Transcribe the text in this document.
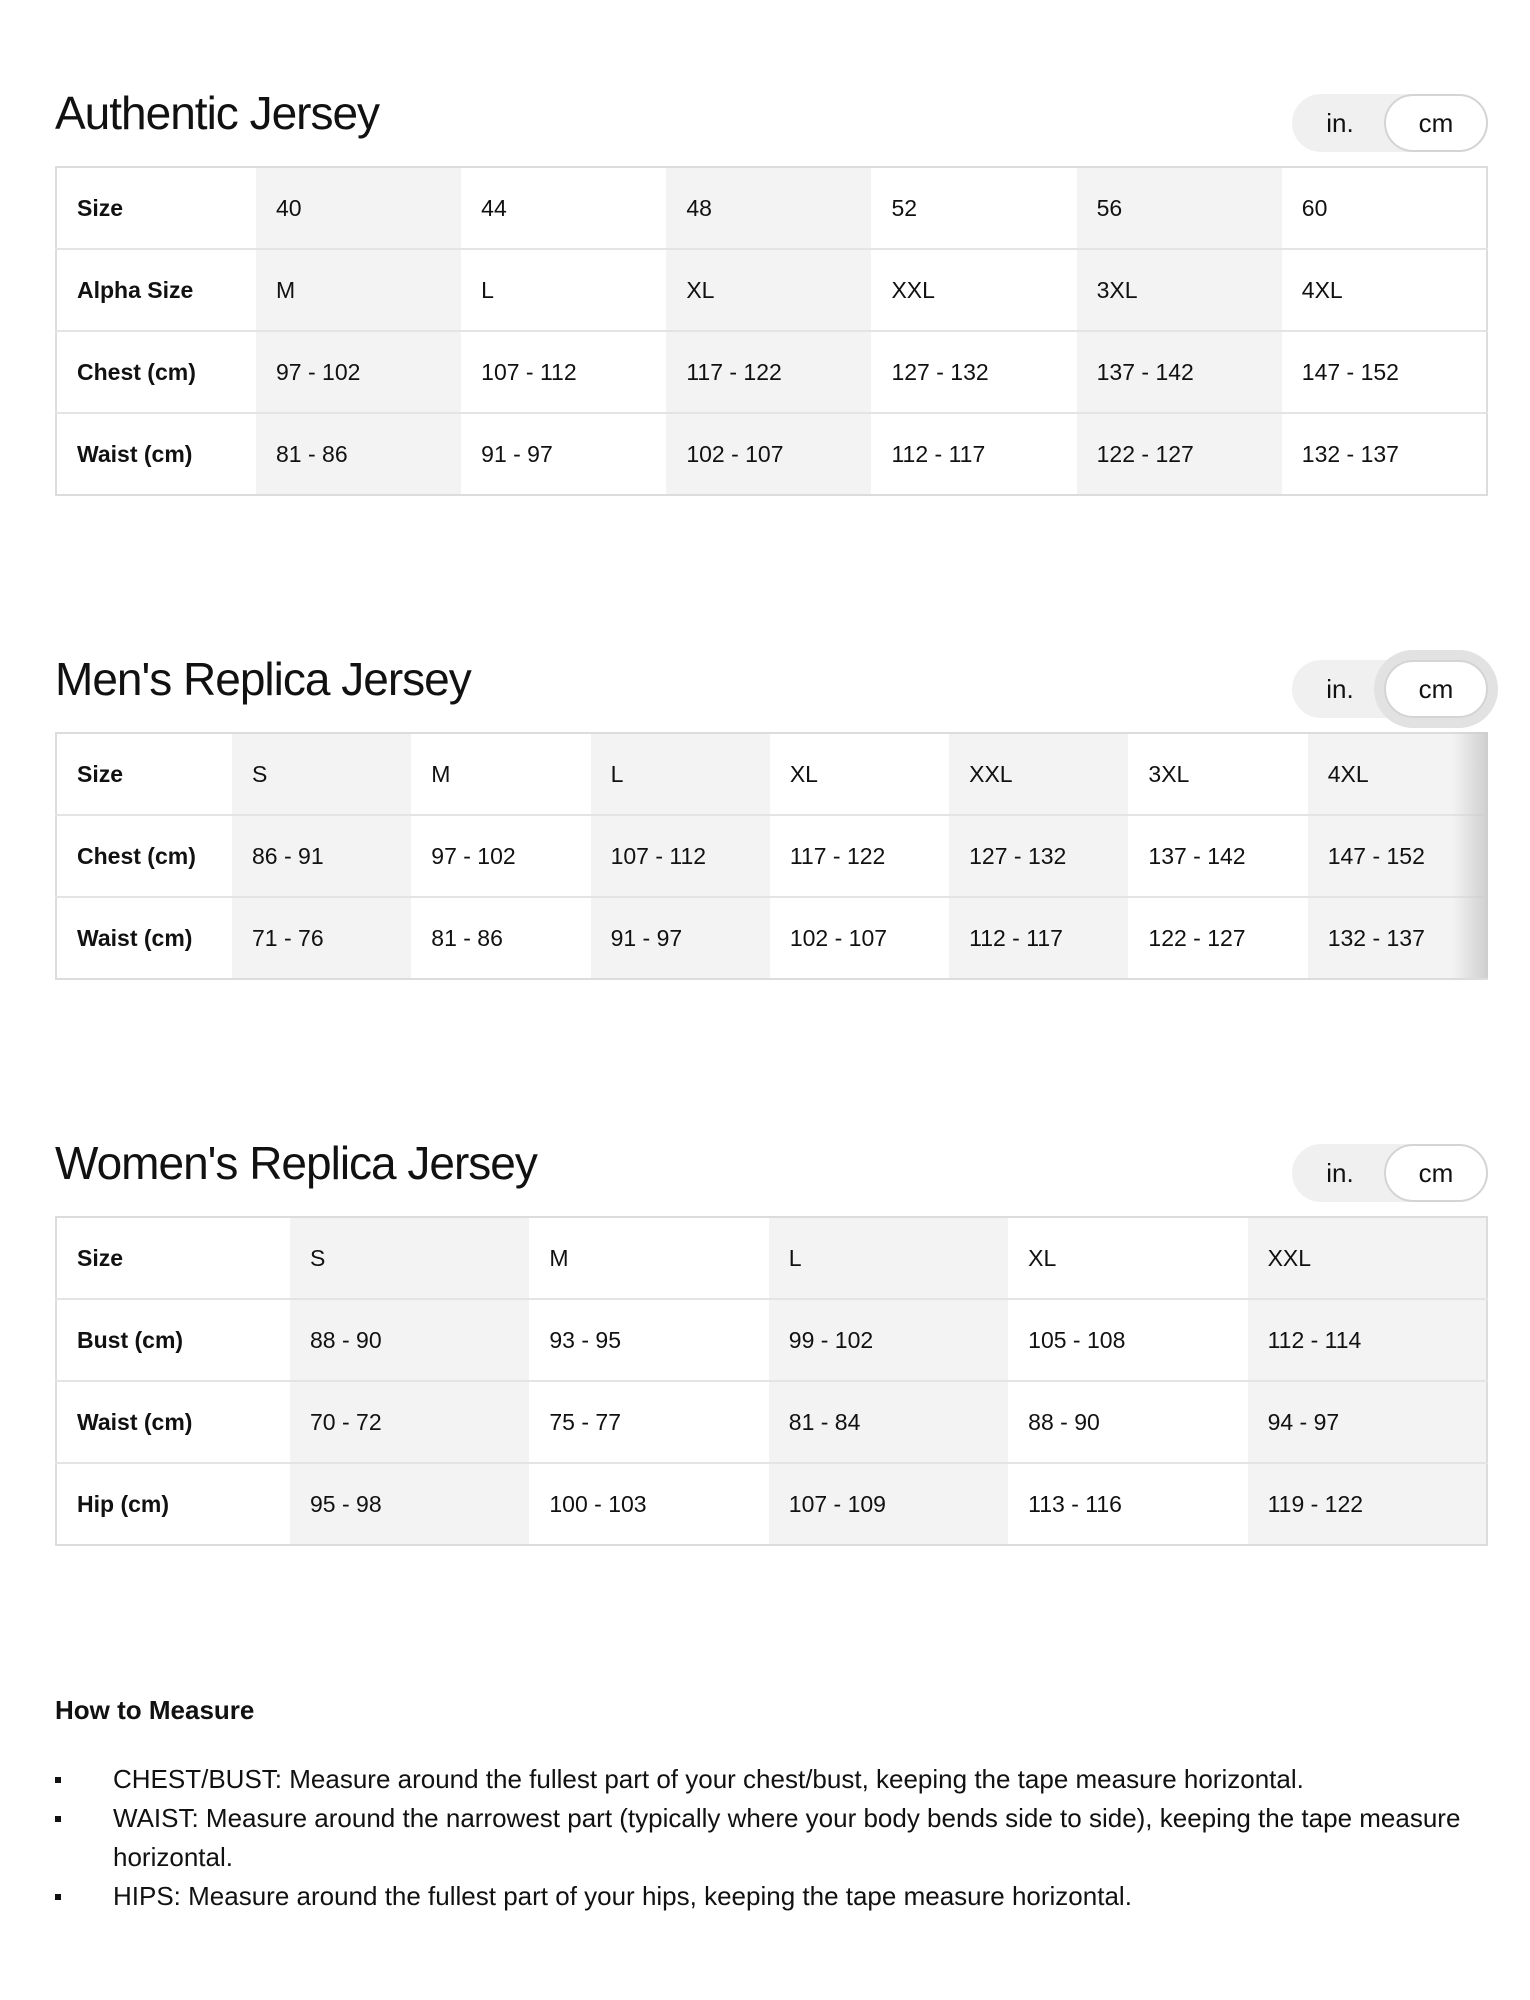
Authentic Jersey	in.	cm
Size	40	44	48	52	56	60
Alpha Size	M	L	XL	XXL	3XL	4XL
Chest (cm)	97 - 102	107 - 112	117 - 122	127 - 132	137 - 142	147 - 152
Waist (cm)	81 - 86	91 - 97	102 - 107	112 - 117	122 - 127	132 - 137
Men's Replica Jersey	in.	cm
Size	S	M	L	XL	XXL	3XL	4XL
Chest (cm)	86 - 91	97 - 102	107 - 112	117 - 122	127 - 132	137 - 142	147 - 152
Waist (cm)	71 - 76	81 - 86	91 - 97	102 - 107	112 - 117	122 - 127	132 - 137
Women's Replica Jersey	in.	cm
Size	S	M	L	XL	XXL
Bust (cm)	88 - 90	93 - 95	99 - 102	105 - 108	112 - 114
Waist (cm)	70 - 72	75 - 77	81 - 84	88 - 90	94 - 97
Hip (cm)	95 - 98	100 - 103	107 - 109	113 - 116	119 - 122
How to Measure
CHEST/BUST: Measure around the fullest part of your chest/bust, keeping the tape measure horizontal.
WAIST: Measure around the narrowest part (typically where your body bends side to side), keeping the tape measure horizontal.
HIPS: Measure around the fullest part of your hips, keeping the tape measure horizontal.
